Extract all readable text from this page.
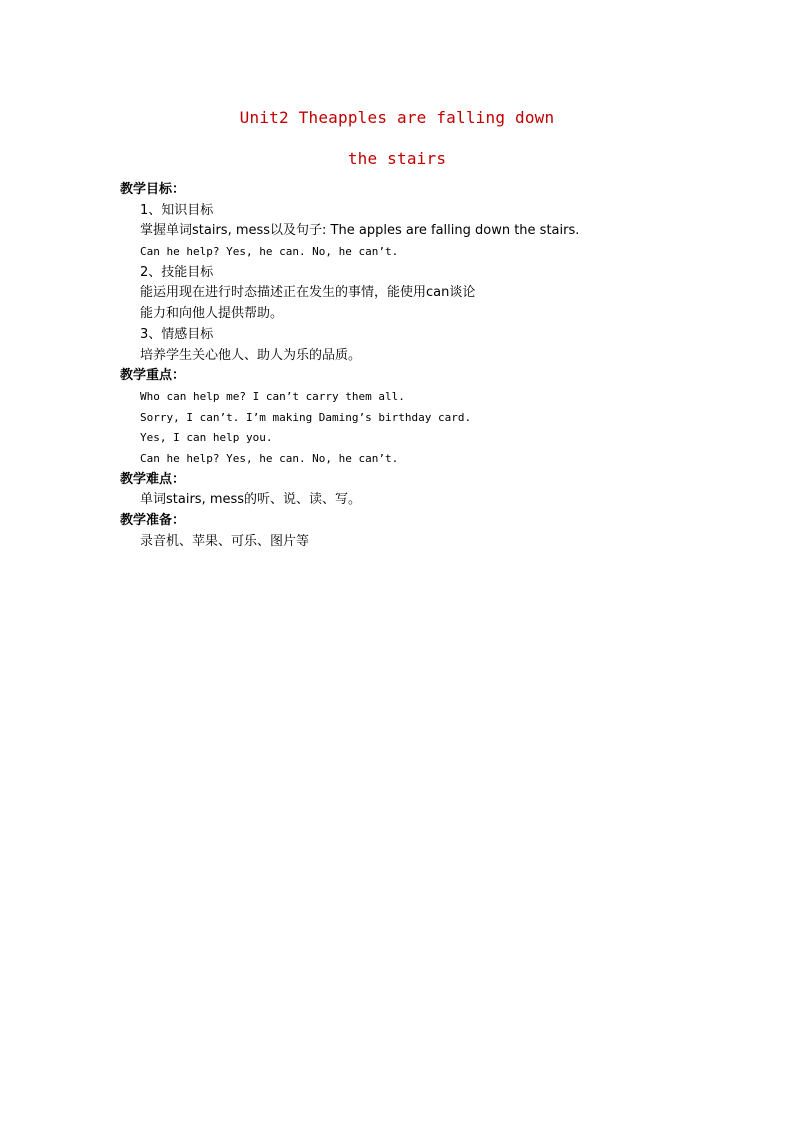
Unit2 Theapples are falling down
the stairs
教学目标：
1、知识目标
掌握单词stairs, mess以及句子: The apples are falling down the stairs.
Can he help? Yes, he can. No, he can’t.
2、技能目标
能运用现在进行时态描述正在发生的事情，能使用can谈论
能力和向他人提供帮助。
3、情感目标
培养学生关心他人、助人为乐的品质。
教学重点：
Who can help me? I can’t carry them all.
Sorry, I can’t. I’m making Daming’s birthday card.
Yes, I can help you.
Can he help? Yes, he can. No, he can’t.
教学难点：
单词stairs, mess的听、说、读、写。
教学准备：
录音机、苹果、可乐、图片等
